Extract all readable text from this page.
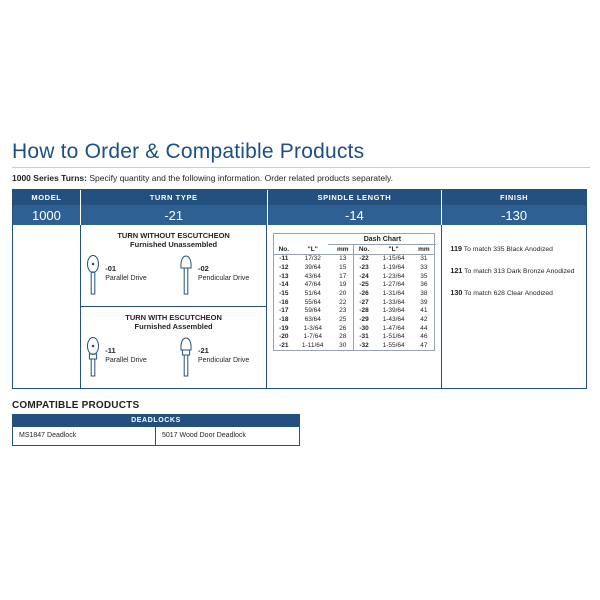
How to Order & Compatible Products

1000 Series Turns: Specify quantity and the following information. Order related products separately.

MODEL	TURN TYPE	SPINDLE LENGTH	FINISH
1000	-21	-14	-130
TURN WITHOUT ESCUTCHEON
Furnished Unassembled
-01
Parallel Drive
-02
Pendicular Drive
TURN WITH ESCUTCHEON
Furnished Assembled
-11
Parallel Drive
-21
Pendicular Drive
Dash Chart
No.	"L"	mm	No.	"L"	mm
-11	17/32	13	-22	1-15/64	31
-12	39/64	15	-23	1-19/64	33
-13	43/64	17	-24	1-23/64	35
-14	47/64	19	-25	1-27/64	36
-15	51/64	20	-26	1-31/64	38
-16	55/64	22	-27	1-33/64	39
-17	59/64	23	-28	1-39/64	41
-18	63/64	25	-29	1-43/64	42
-19	1-3/64	26	-30	1-47/64	44
-20	1-7/64	28	-31	1-51/64	46
-21	1-11/64	30	-32	1-55/64	47
119 To match 335 Black Anodized
121 To match 313 Dark Bronze Anodized
130 To match 628 Clear Anodized
COMPATIBLE PRODUCTS
DEADLOCKS
MS1847 Deadlock	5017 Wood Door Deadlock
